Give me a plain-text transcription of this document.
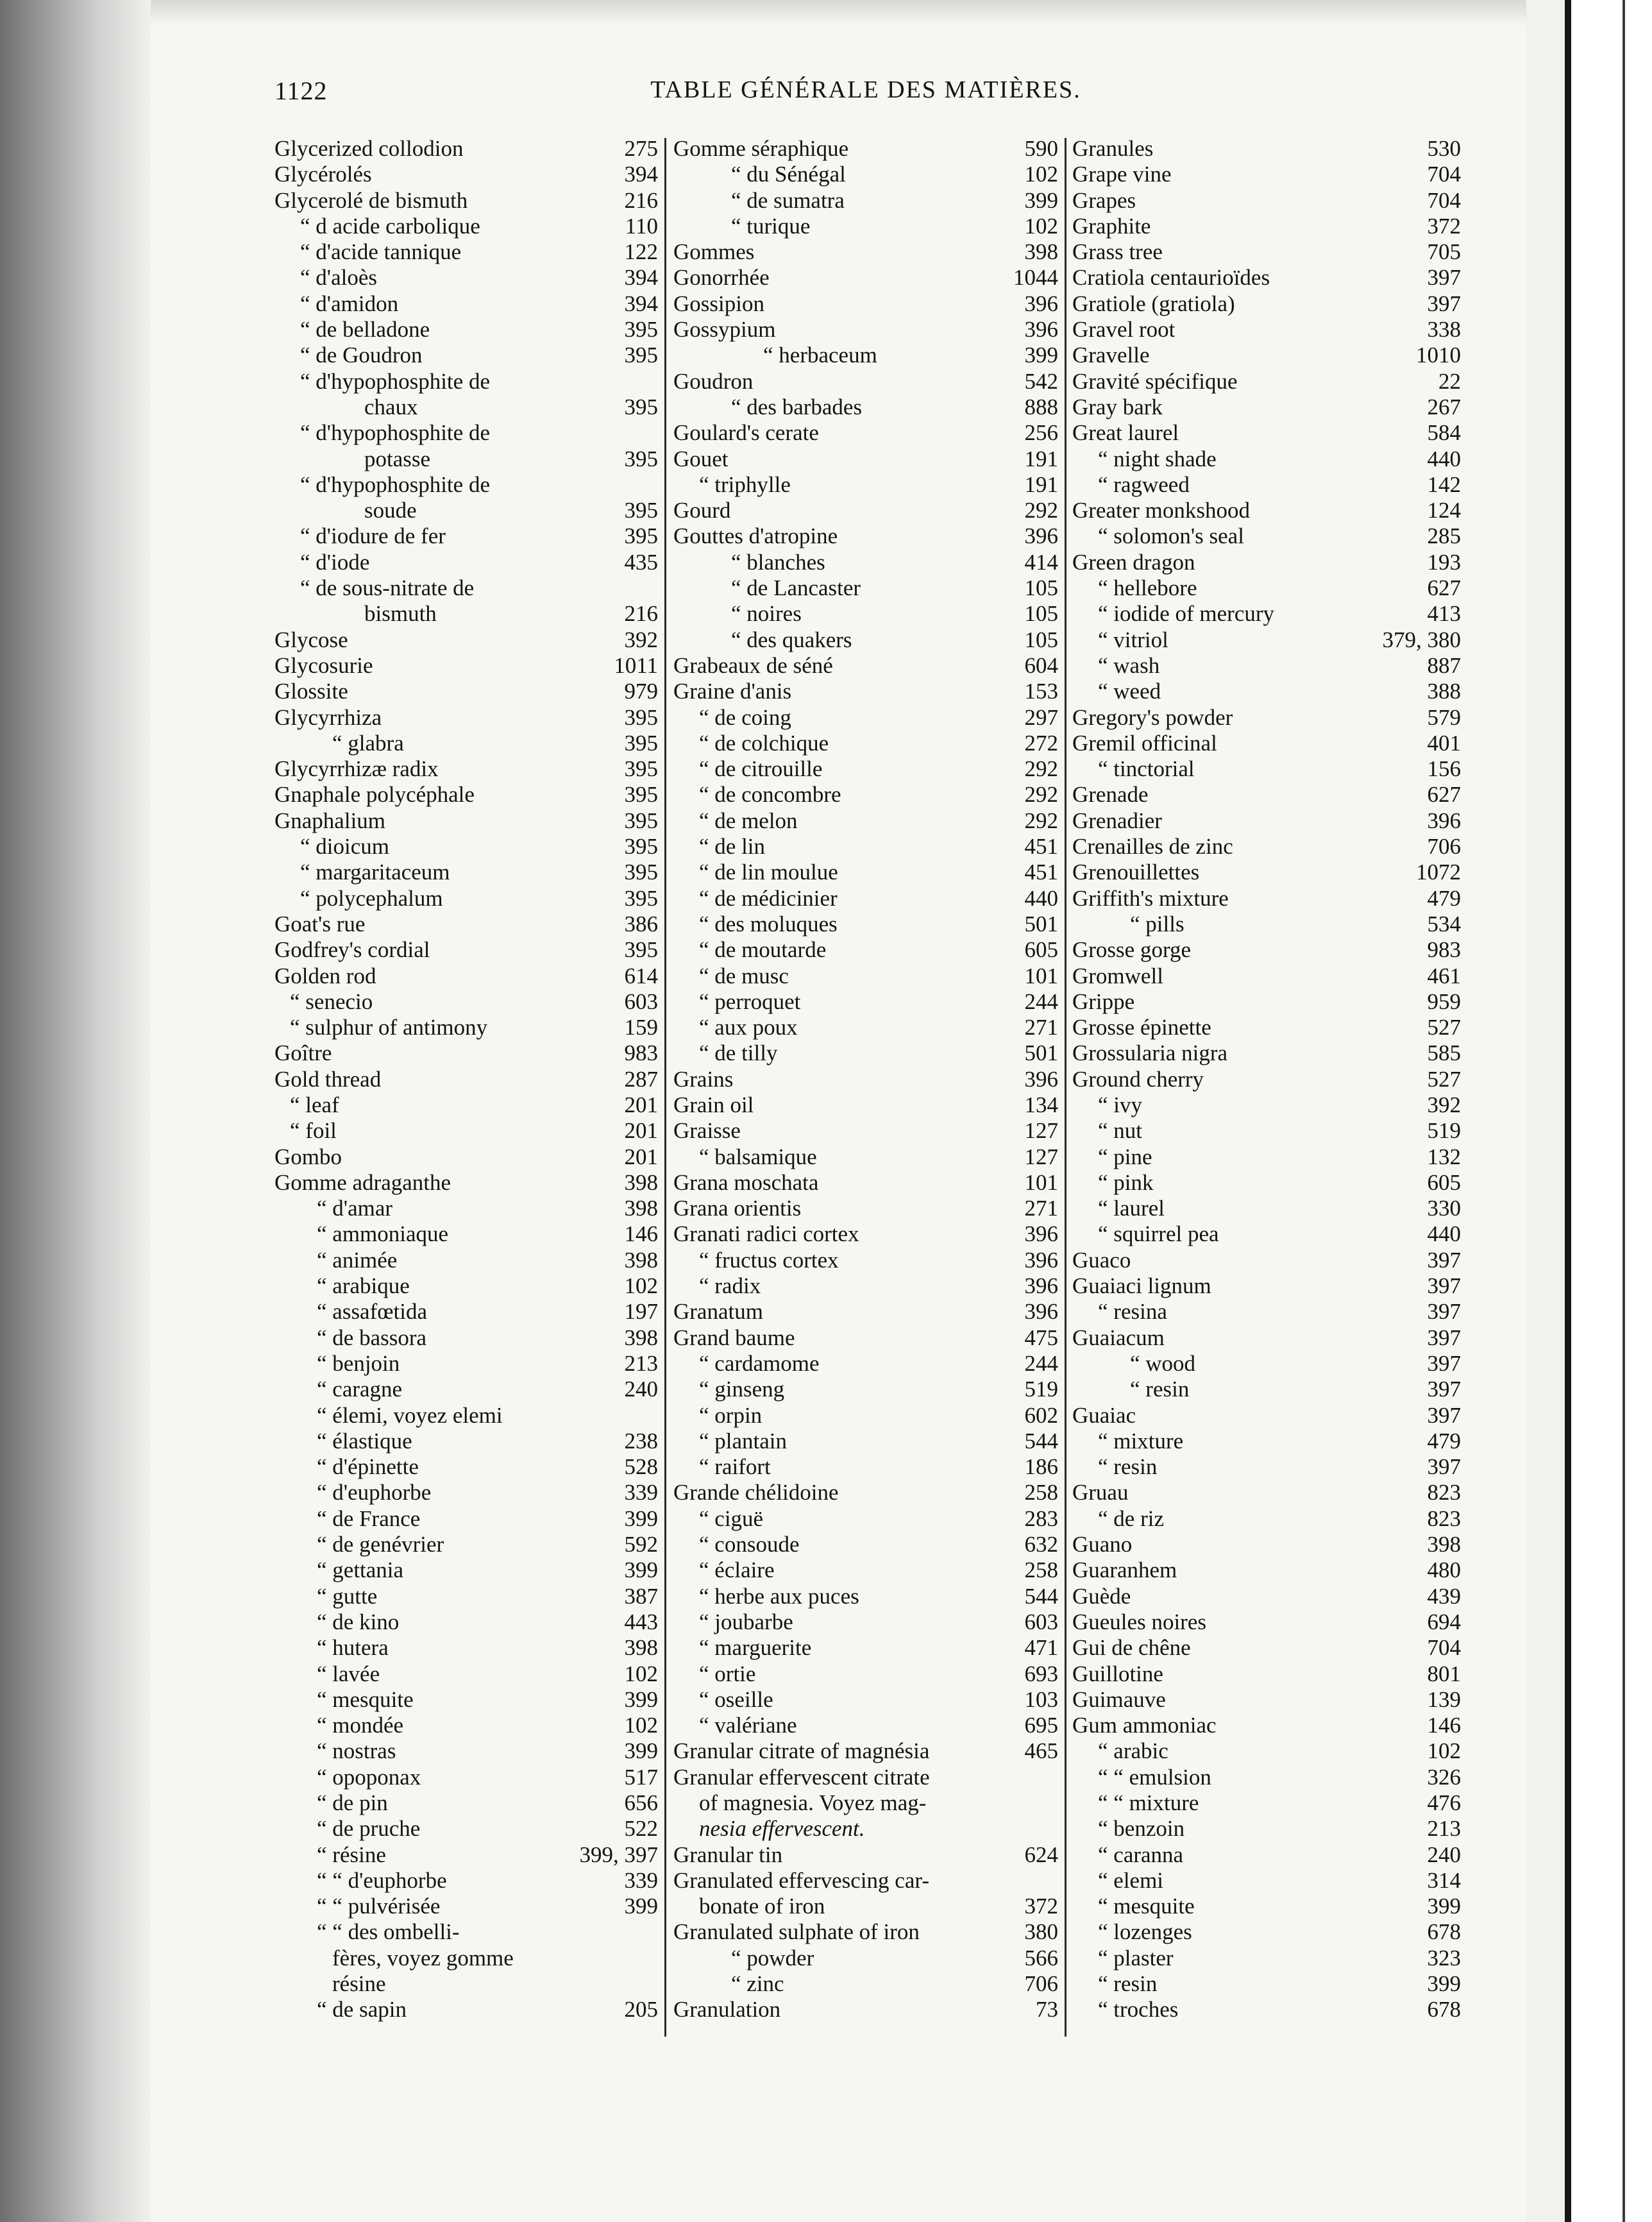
1122	TABLE GÉNÉRALE DES MATIÈRES.
Glycerized collodion	275
Glycérolés	394
Glycerolé de bismuth	216
“ d acide carbolique	110
“ d'acide tannique	122
“ d'aloès	394
“ d'amidon	394
“ de belladone	395
“ de Goudron	395
“ d'hypophosphite de
chaux	395
“ d'hypophosphite de
potasse	395
“ d'hypophosphite de
soude	395
“ d'iodure de fer	395
“ d'iode	435
“ de sous-nitrate de
bismuth	216
Glycose	392
Glycosurie	1011
Glossite	979
Glycyrrhiza	395
“ glabra	395
Glycyrrhizæ radix	395
Gnaphale polycéphale	395
Gnaphalium	395
“ dioicum	395
“ margaritaceum	395
“ polycephalum	395
Goat's rue	386
Godfrey's cordial	395
Golden rod	614
“ senecio	603
“ sulphur of antimony	159
Goître	983
Gold thread	287
“ leaf	201
“ foil	201
Gombo	201
Gomme adraganthe	398
“ d'amar	398
“ ammoniaque	146
“ animée	398
“ arabique	102
“ assafœtida	197
“ de bassora	398
“ benjoin	213
“ caragne	240
“ élemi, voyez elemi
“ élastique	238
“ d'épinette	528
“ d'euphorbe	339
“ de France	399
“ de genévrier	592
“ gettania	399
“ gutte	387
“ de kino	443
“ hutera	398
“ lavée	102
“ mesquite	399
“ mondée	102
“ nostras	399
“ opoponax	517
“ de pin	656
“ de pruche	522
“ résine	399, 397
“ “ d'euphorbe	339
“ “ pulvérisée	399
“ “ des ombelli-
fères, voyez gomme
résine
“ de sapin	205
Gomme séraphique	590
“ du Sénégal	102
“ de sumatra	399
“ turique	102
Gommes	398
Gonorrhée	1044
Gossipion	396
Gossypium	396
“ herbaceum	399
Goudron	542
“ des barbades	888
Goulard's cerate	256
Gouet	191
“ triphylle	191
Gourd	292
Gouttes d'atropine	396
“ blanches	414
“ de Lancaster	105
“ noires	105
“ des quakers	105
Grabeaux de séné	604
Graine d'anis	153
“ de coing	297
“ de colchique	272
“ de citrouille	292
“ de concombre	292
“ de melon	292
“ de lin	451
“ de lin moulue	451
“ de médicinier	440
“ des moluques	501
“ de moutarde	605
“ de musc	101
“ perroquet	244
“ aux poux	271
“ de tilly	501
Grains	396
Grain oil	134
Graisse	127
“ balsamique	127
Grana moschata	101
Grana orientis	271
Granati radici cortex	396
“ fructus cortex	396
“ radix	396
Granatum	396
Grand baume	475
“ cardamome	244
“ ginseng	519
“ orpin	602
“ plantain	544
“ raifort	186
Grande chélidoine	258
“ ciguë	283
“ consoude	632
“ éclaire	258
“ herbe aux puces	544
“ joubarbe	603
“ marguerite	471
“ ortie	693
“ oseille	103
“ valériane	695
Granular citrate of magnésia	465
Granular effervescent citrate
of magnesia. Voyez mag-
nesia effervescent.
Granular tin	624
Granulated effervescing car-
bonate of iron	372
Granulated sulphate of iron	380
“ powder	566
“ zinc	706
Granulation	73
Granules	530
Grape vine	704
Grapes	704
Graphite	372
Grass tree	705
Cratiola centaurioïdes	397
Gratiole (gratiola)	397
Gravel root	338
Gravelle	1010
Gravité spécifique	22
Gray bark	267
Great laurel	584
“ night shade	440
“ ragweed	142
Greater monkshood	124
“ solomon's seal	285
Green dragon	193
“ hellebore	627
“ iodide of mercury	413
“ vitriol	379, 380
“ wash	887
“ weed	388
Gregory's powder	579
Gremil officinal	401
“ tinctorial	156
Grenade	627
Grenadier	396
Crenailles de zinc	706
Grenouillettes	1072
Griffith's mixture	479
“ pills	534
Grosse gorge	983
Gromwell	461
Grippe	959
Grosse épinette	527
Grossularia nigra	585
Ground cherry	527
“ ivy	392
“ nut	519
“ pine	132
“ pink	605
“ laurel	330
“ squirrel pea	440
Guaco	397
Guaiaci lignum	397
“ resina	397
Guaiacum	397
“ wood	397
“ resin	397
Guaiac	397
“ mixture	479
“ resin	397
Gruau	823
“ de riz	823
Guano	398
Guaranhem	480
Guède	439
Gueules noires	694
Gui de chêne	704
Guillotine	801
Guimauve	139
Gum ammoniac	146
“ arabic	102
“ “ emulsion	326
“ “ mixture	476
“ benzoin	213
“ caranna	240
“ elemi	314
“ mesquite	399
“ lozenges	678
“ plaster	323
“ resin	399
“ troches	678
